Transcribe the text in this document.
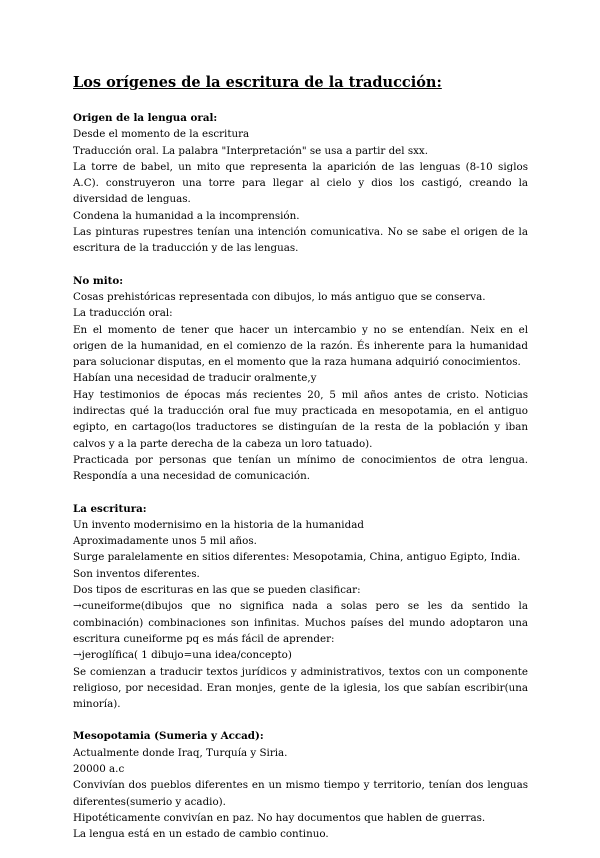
Los orígenes de la escritura de la traducción:

Origen de la lengua oral:

Desde el momento de la escritura

Traducción oral. La palabra "Interpretación" se usa a partir del sxx.

La torre de babel, un mito que representa la aparición de las lenguas (8-10 siglos A.C). construyeron una torre para llegar al cielo y dios los castigó, creando la diversidad de lenguas.

Condena la humanidad a la incomprensión.

Las pinturas rupestres tenían una intención comunicativa. No se sabe el origen de la escritura de la traducción y de las lenguas.

No mito:

Cosas prehistóricas representada con dibujos, lo más antiguo que se conserva.

La traducción oral:

En el momento de tener que hacer un intercambio y no se entendían. Neix en el origen de la humanidad, en el comienzo de la razón. És inherente para la humanidad para solucionar disputas, en el momento que la raza humana adquirió conocimientos.

Habían una necesidad de traducir oralmente,y

Hay testimonios de épocas más recientes 20, 5 mil años antes de cristo. Noticias indirectas qué la traducción oral fue muy practicada en mesopotamia, en el antiguo egipto, en cartago(los traductores se distinguían de la resta de la población y iban calvos y a la parte derecha de la cabeza un loro tatuado).

Practicada por personas que tenían un mínimo de conocimientos de otra lengua. Respondía a una necesidad de comunicación.

La escritura:

Un invento modernisimo en la historia de la humanidad

Aproximadamente unos 5 mil años.

Surge paralelamente en sitios diferentes: Mesopotamia, China, antiguo Egipto, India.

Son inventos diferentes.

Dos tipos de escrituras en las que se pueden clasificar:

→cuneiforme(dibujos que no significa nada a solas pero se les da sentido la combinación) combinaciones son infinitas. Muchos países del mundo adoptaron una escritura cuneiforme pq es más fácil de aprender:

→jeroglífica( 1 dibujo=una idea/concepto)

Se comienzan a traducir textos jurídicos y administrativos, textos con un componente religioso, por necesidad. Eran monjes, gente de la iglesia, los que sabían escribir(una minoría).

Mesopotamia (Sumeria y Accad):

Actualmente donde Iraq, Turquía y Siria.

20000 a.c

Convivían dos pueblos diferentes en un mismo tiempo y territorio, tenían dos lenguas diferentes(sumerio y acadio).

Hipotéticamente convivían en paz. No hay documentos que hablen de guerras.

La lengua está en un estado de cambio continuo.
